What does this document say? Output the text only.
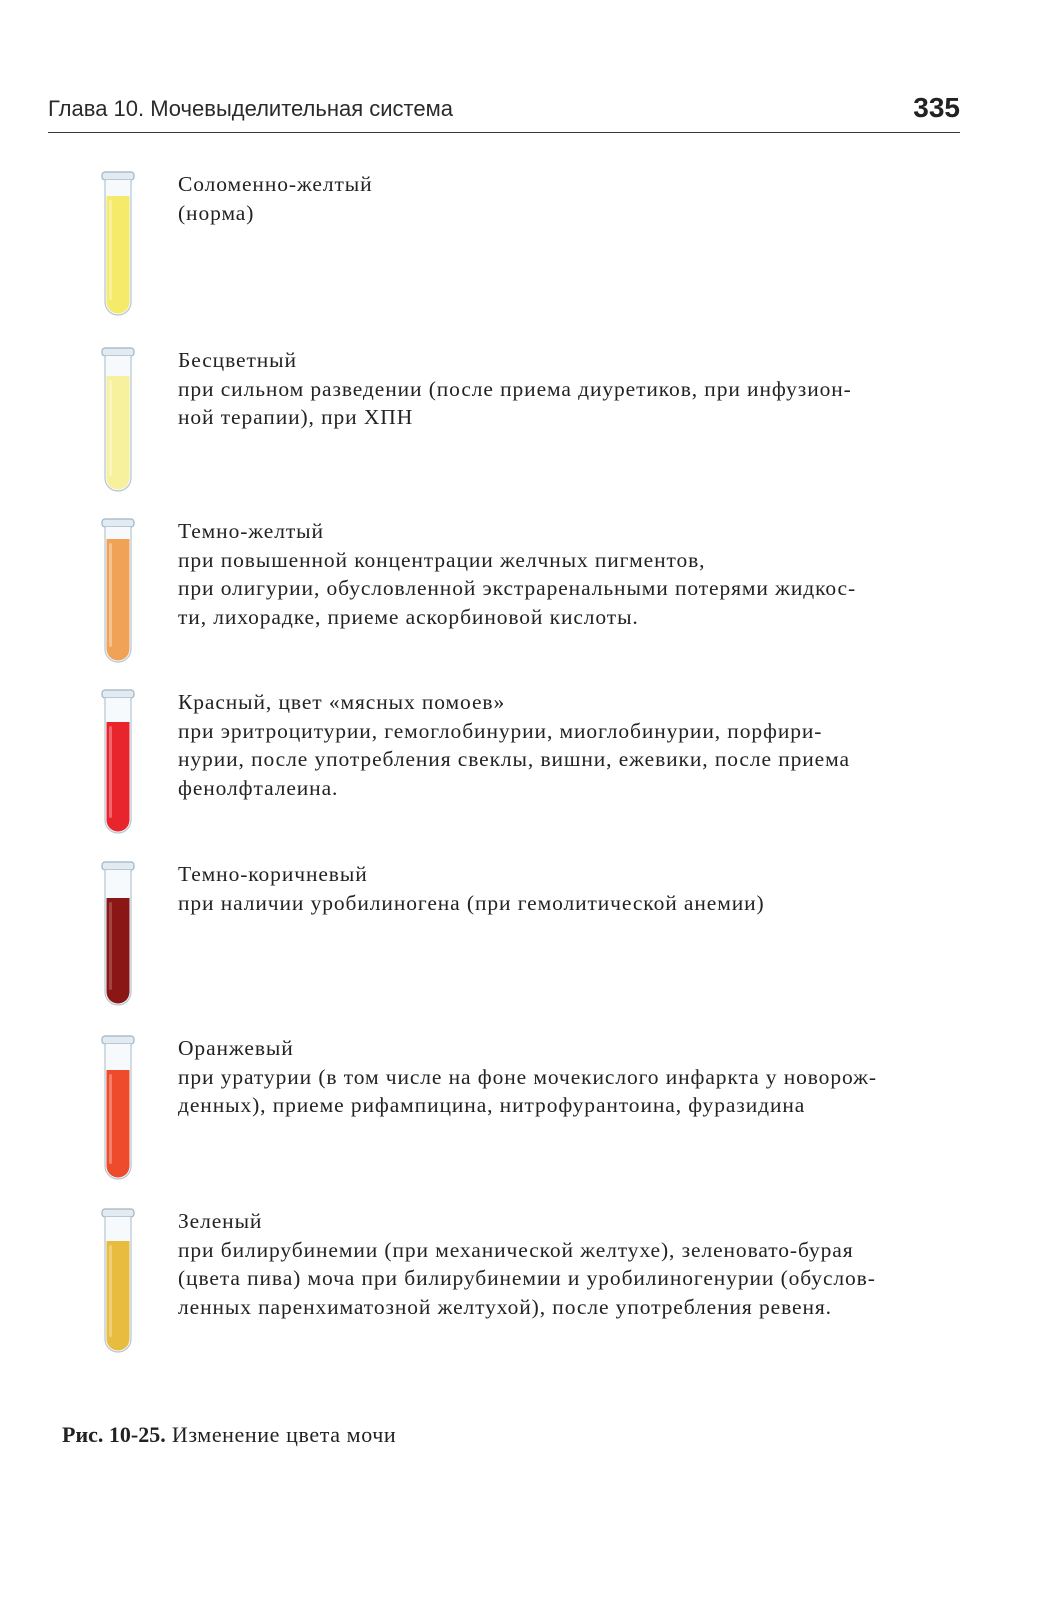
Глава 10. Мочевыделительная система	335

Соломенно-желтый

(норма)

Бесцветный

при сильном разведении (после приема диуретиков, при инфузион-
ной терапии), при ХПН

Темно-желтый

при повышенной концентрации желчных пигментов,
при олигурии, обусловленной экстраренальными потерями жидкос-
ти, лихорадке, приеме аскорбиновой кислоты.

Красный, цвет «мясных помоев»

при эритроцитурии, гемоглобинурии, миоглобинурии, порфири-
нурии, после употребления свеклы, вишни, ежевики, после приема
фенолфталеина.

Темно-коричневый

при наличии уробилиногена (при гемолитической анемии)

Оранжевый

при уратурии (в том числе на фоне мочекислого инфаркта у новорож-
денных), приеме рифампицина, нитрофурантоина, фуразидина

Зеленый

при билирубинемии (при механической желтухе), зеленовато-бурая
(цвета пива) моча при билирубинемии и уробилиногенурии (обуслов-
ленных паренхиматозной желтухой), после употребления ревеня.

Рис. 10-25. Изменение цвета мочи
